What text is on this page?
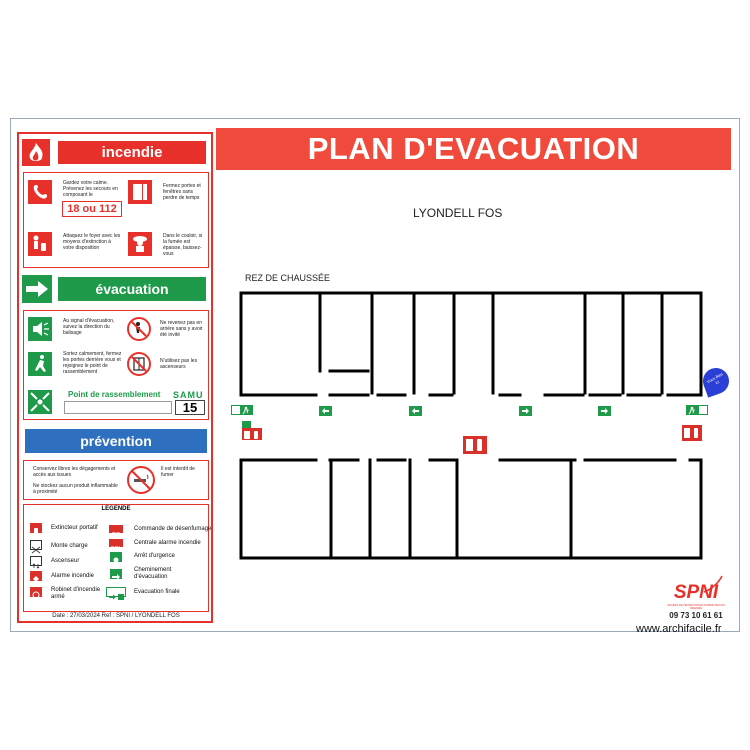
incendie
Gardez votre calme. Prévenez les secours en composant le
18 ou 112
Fermez portes et fenêtres sans perdre de temps
Attaquez le foyer avec les moyens d'extinction à votre disposition
Dans le couloir, si la fumée est épaisse, baissez-vous
évacuation
Au signal d'évacuation, suivez la direction du balisage
Ne revenez pas en arrière sans y avoir été invité
Sortez calmement, fermez les portes derrière vous et rejoignez le point de rassemblement
N'utilisez pas les ascenseurs
Point de rassemblement	SAMU
15
prévention
Conservez libres les dégagements et accès aux issues
Ne stockez aucun produit inflammable à proximité
Il est interdit de fumer
LEGENDE
Extincteur portatif
Monte charge
Ascenseur
Alarme incendie
Robinet d'incendie armé
DF
Commande de désenfumage
SSI
Centrale alarme incendie
Arrêt d'urgence
Cheminement d'évacuation
Evacuation finale
Date : 27/03/2024 Ref : SPNI / LYONDELL FOS
PLAN D'EVACUATION
LYONDELL FOS
REZ DE CHAUSSÉE
Vous êtes ici
SPNI
SOCIETE DE PROTECTION ET NORMALISATION INCENDIE
09 73 10 61 61
www.archifacile.fr
